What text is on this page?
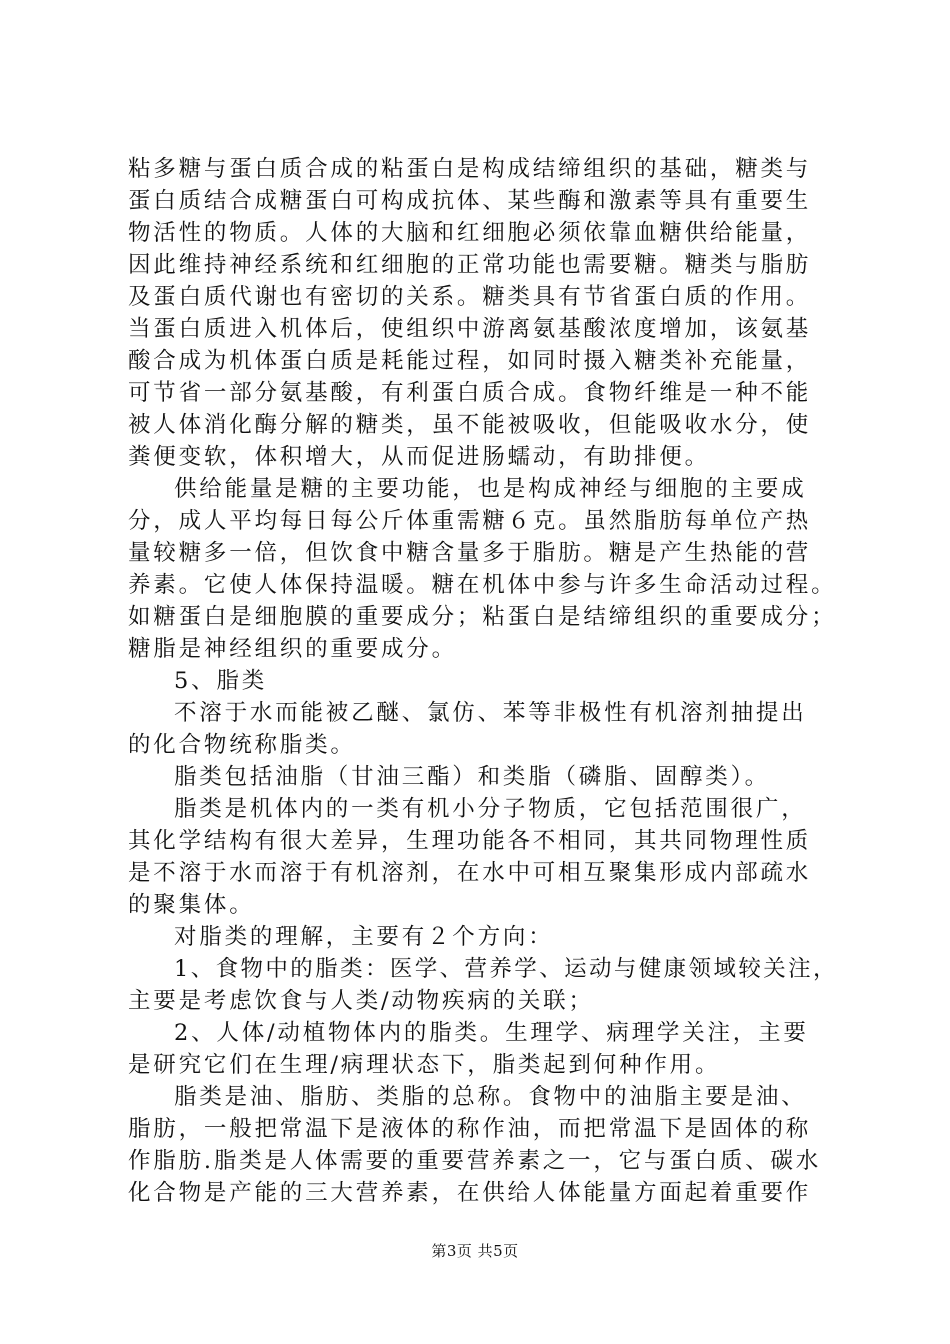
粘多糖与蛋白质合成的粘蛋白是构成结缔组织的基础，糖类与
蛋白质结合成糖蛋白可构成抗体、某些酶和激素等具有重要生
物活性的物质。人体的大脑和红细胞必须依靠血糖供给能量，
因此维持神经系统和红细胞的正常功能也需要糖。糖类与脂肪
及蛋白质代谢也有密切的关系。糖类具有节省蛋白质的作用。
当蛋白质进入机体后，使组织中游离氨基酸浓度增加，该氨基
酸合成为机体蛋白质是耗能过程，如同时摄入糖类补充能量，
可节省一部分氨基酸，有利蛋白质合成。食物纤维是一种不能
被人体消化酶分解的糖类，虽不能被吸收，但能吸收水分，使
粪便变软，体积增大，从而促进肠蠕动，有助排便。
供给能量是糖的主要功能，也是构成神经与细胞的主要成
分，成人平均每日每公斤体重需糖６克。虽然脂肪每单位产热
量较糖多一倍，但饮食中糖含量多于脂肪。糖是产生热能的营
养素。它使人体保持温暖。糖在机体中参与许多生命活动过程。
如糖蛋白是细胞膜的重要成分；粘蛋白是结缔组织的重要成分；
糖脂是神经组织的重要成分。
5、脂类
不溶于水而能被乙醚、氯仿、苯等非极性有机溶剂抽提出
的化合物统称脂类。
脂类包括油脂（甘油三酯）和类脂（磷脂、固醇类）。
脂类是机体内的一类有机小分子物质，它包括范围很广，
其化学结构有很大差异，生理功能各不相同，其共同物理性质
是不溶于水而溶于有机溶剂，在水中可相互聚集形成内部疏水
的聚集体。
对脂类的理解，主要有２个方向：
1、食物中的脂类：医学、营养学、运动与健康领域较关注，
主要是考虑饮食与人类/动物疾病的关联；
2、人体/动植物体内的脂类。生理学、病理学关注，主要
是研究它们在生理/病理状态下，脂类起到何种作用。
脂类是油、脂肪、类脂的总称。食物中的油脂主要是油、
脂肪，一般把常温下是液体的称作油，而把常温下是固体的称
作脂肪.脂类是人体需要的重要营养素之一，它与蛋白质、碳水
化合物是产能的三大营养素，在供给人体能量方面起着重要作
第3页 共5页
